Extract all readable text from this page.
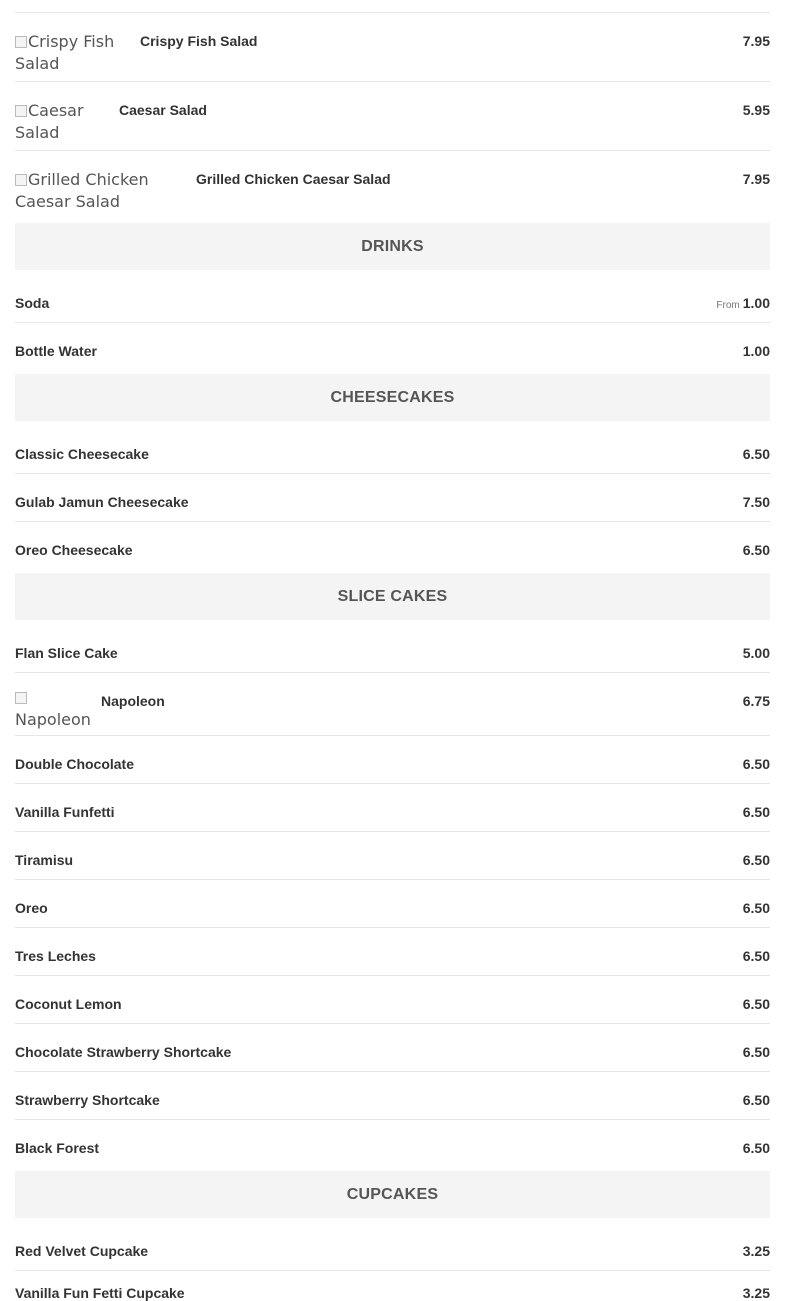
Crispy Fish Salad
Crispy Fish Salad	7.95
Caesar Salad
Caesar Salad	5.95
Grilled Chicken Caesar Salad
Grilled Chicken Caesar Salad	7.95
DRINKS
Soda	From 1.00
Bottle Water	1.00
CHEESECAKES
Classic Cheesecake	6.50
Gulab Jamun Cheesecake	7.50
Oreo Cheesecake	6.50
SLICE CAKES
Flan Slice Cake	5.00

Napoleon
Napoleon	6.75
Double Chocolate	6.50
Vanilla Funfetti	6.50
Tiramisu	6.50
Oreo	6.50
Tres Leches	6.50
Coconut Lemon	6.50
Chocolate Strawberry Shortcake	6.50
Strawberry Shortcake	6.50
Black Forest	6.50
CUPCAKES
Red Velvet Cupcake	3.25
Vanilla Fun Fetti Cupcake	3.25
